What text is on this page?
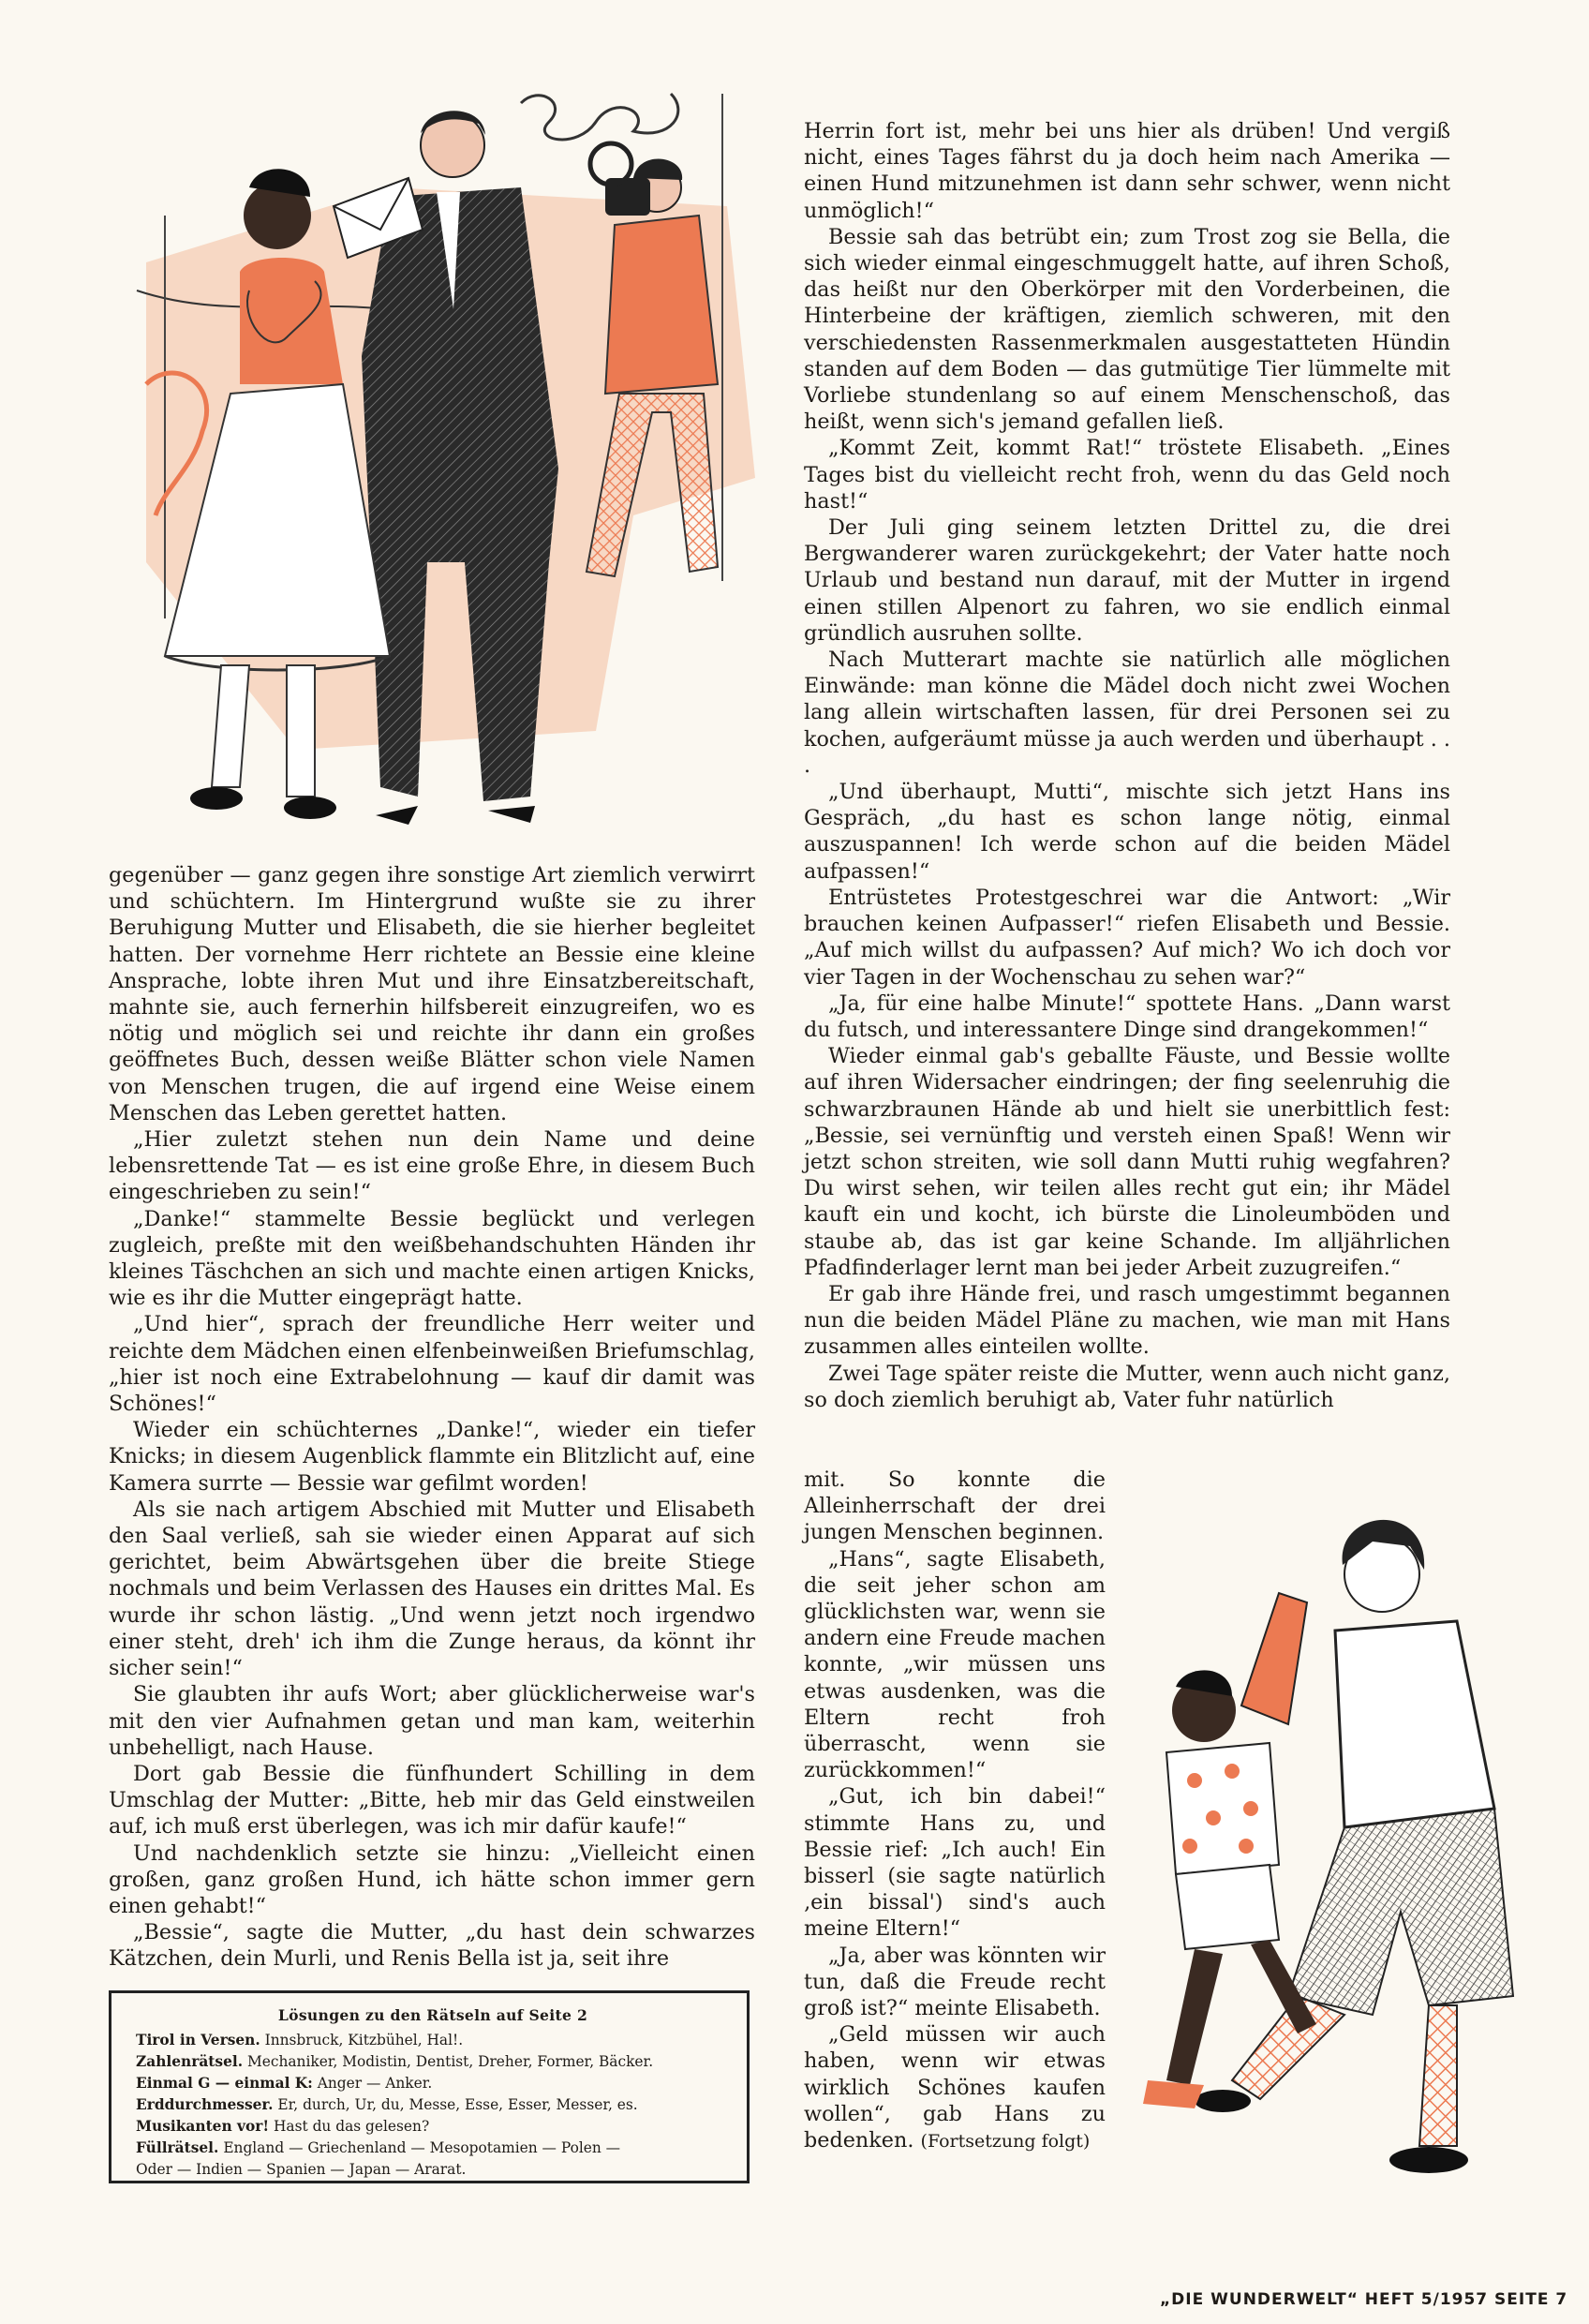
gegenüber — ganz gegen ihre sonstige Art ziemlich verwirrt und schüchtern. Im Hintergrund wußte sie zu ihrer Beruhigung Mutter und Elisabeth, die sie hierher begleitet hatten. Der vornehme Herr richtete an Bessie eine kleine Ansprache, lobte ihren Mut und ihre Einsatzbereitschaft, mahnte sie, auch fernerhin hilfsbereit einzugreifen, wo es nötig und möglich sei und reichte ihr dann ein großes geöffnetes Buch, dessen weiße Blätter schon viele Namen von Menschen trugen, die auf irgend eine Weise einem Menschen das Leben gerettet hatten.

„Hier zuletzt stehen nun dein Name und deine lebensrettende Tat — es ist eine große Ehre, in diesem Buch eingeschrieben zu sein!“

„Danke!“ stammelte Bessie beglückt und verlegen zugleich, preßte mit den weißbehandschuhten Händen ihr kleines Täschchen an sich und machte einen artigen Knicks, wie es ihr die Mutter eingeprägt hatte.

„Und hier“, sprach der freundliche Herr weiter und reichte dem Mädchen einen elfenbeinweißen Briefumschlag, „hier ist noch eine Extrabelohnung — kauf dir damit was Schönes!“

Wieder ein schüchternes „Danke!“, wieder ein tiefer Knicks; in diesem Augenblick flammte ein Blitzlicht auf, eine Kamera surrte — Bessie war gefilmt worden!

Als sie nach artigem Abschied mit Mutter und Elisabeth den Saal verließ, sah sie wieder einen Apparat auf sich gerichtet, beim Abwärtsgehen über die breite Stiege nochmals und beim Verlassen des Hauses ein drittes Mal. Es wurde ihr schon lästig. „Und wenn jetzt noch irgendwo einer steht, dreh' ich ihm die Zunge heraus, da könnt ihr sicher sein!“

Sie glaubten ihr aufs Wort; aber glücklicherweise war's mit den vier Aufnahmen getan und man kam, weiterhin unbehelligt, nach Hause.

Dort gab Bessie die fünfhundert Schilling in dem Umschlag der Mutter: „Bitte, heb mir das Geld einstweilen auf, ich muß erst überlegen, was ich mir dafür kaufe!“

Und nachdenklich setzte sie hinzu: „Vielleicht einen großen, ganz großen Hund, ich hätte schon immer gern einen gehabt!“

„Bessie“, sagte die Mutter, „du hast dein schwarzes Kätzchen, dein Murli, und Renis Bella ist ja, seit ihre

Lösungen zu den Rätseln auf Seite 2
Tirol in Versen. Innsbruck, Kitzbühel, Hal!.
Zahlenrätsel. Mechaniker, Modistin, Dentist, Dreher, Former, Bäcker.
Einmal G — einmal K: Anger — Anker.
Erddurchmesser. Er, durch, Ur, du, Messe, Esse, Esser, Messer, es.
Musikanten vor! Hast du das gelesen?
Füllrätsel. England — Griechenland — Mesopotamien — Polen —
Oder — Indien — Spanien — Japan — Ararat.

Herrin fort ist, mehr bei uns hier als drüben! Und vergiß nicht, eines Tages fährst du ja doch heim nach Amerika — einen Hund mitzunehmen ist dann sehr schwer, wenn nicht unmöglich!“

Bessie sah das betrübt ein; zum Trost zog sie Bella, die sich wieder einmal eingeschmuggelt hatte, auf ihren Schoß, das heißt nur den Oberkörper mit den Vorderbeinen, die Hinterbeine der kräftigen, ziemlich schweren, mit den verschiedensten Rassenmerkmalen ausgestatteten Hündin standen auf dem Boden — das gutmütige Tier lümmelte mit Vorliebe stundenlang so auf einem Menschenschoß, das heißt, wenn sich's jemand gefallen ließ.

„Kommt Zeit, kommt Rat!“ tröstete Elisabeth. „Eines Tages bist du vielleicht recht froh, wenn du das Geld noch hast!“

Der Juli ging seinem letzten Drittel zu, die drei Bergwanderer waren zurückgekehrt; der Vater hatte noch Urlaub und bestand nun darauf, mit der Mutter in irgend einen stillen Alpenort zu fahren, wo sie endlich einmal gründlich ausruhen sollte.

Nach Mutterart machte sie natürlich alle möglichen Einwände: man könne die Mädel doch nicht zwei Wochen lang allein wirtschaften lassen, für drei Personen sei zu kochen, aufgeräumt müsse ja auch werden und überhaupt . . .

„Und überhaupt, Mutti“, mischte sich jetzt Hans ins Gespräch, „du hast es schon lange nötig, einmal auszuspannen! Ich werde schon auf die beiden Mädel aufpassen!“

Entrüstetes Protestgeschrei war die Antwort: „Wir brauchen keinen Aufpasser!“ riefen Elisabeth und Bessie. „Auf mich willst du aufpassen? Auf mich? Wo ich doch vor vier Tagen in der Wochenschau zu sehen war?“

„Ja, für eine halbe Minute!“ spottete Hans. „Dann warst du futsch, und interessantere Dinge sind drangekommen!“

Wieder einmal gab's geballte Fäuste, und Bessie wollte auf ihren Widersacher eindringen; der fing seelenruhig die schwarzbraunen Hände ab und hielt sie unerbittlich fest: „Bessie, sei vernünftig und versteh einen Spaß! Wenn wir jetzt schon streiten, wie soll dann Mutti ruhig wegfahren? Du wirst sehen, wir teilen alles recht gut ein; ihr Mädel kauft ein und kocht, ich bürste die Linoleumböden und staube ab, das ist gar keine Schande. Im alljährlichen Pfadfinderlager lernt man bei jeder Arbeit zuzugreifen.“

Er gab ihre Hände frei, und rasch umgestimmt begannen nun die beiden Mädel Pläne zu machen, wie man mit Hans zusammen alles einteilen wollte.

Zwei Tage später reiste die Mutter, wenn auch nicht ganz, so doch ziemlich beruhigt ab, Vater fuhr natürlich

mit. So konnte die Alleinherrschaft der drei jungen Menschen beginnen.

„Hans“, sagte Elisabeth, die seit jeher schon am glücklichsten war, wenn sie andern eine Freude machen konnte, „wir müssen uns etwas ausdenken, was die Eltern recht froh überrascht, wenn sie zurückkommen!“

„Gut, ich bin dabei!“ stimmte Hans zu, und Bessie rief: „Ich auch! Ein bisserl (sie sagte natürlich ‚ein bissal') sind's auch meine Eltern!“

„Ja, aber was könnten wir tun, daß die Freude recht groß ist?“ meinte Elisabeth.

„Geld müssen wir auch haben, wenn wir etwas wirklich Schönes kaufen wollen“, gab Hans zu bedenken. (Fortsetzung folgt)

„DIE WUNDERWELT“ HEFT 5/1957 SEITE 7
